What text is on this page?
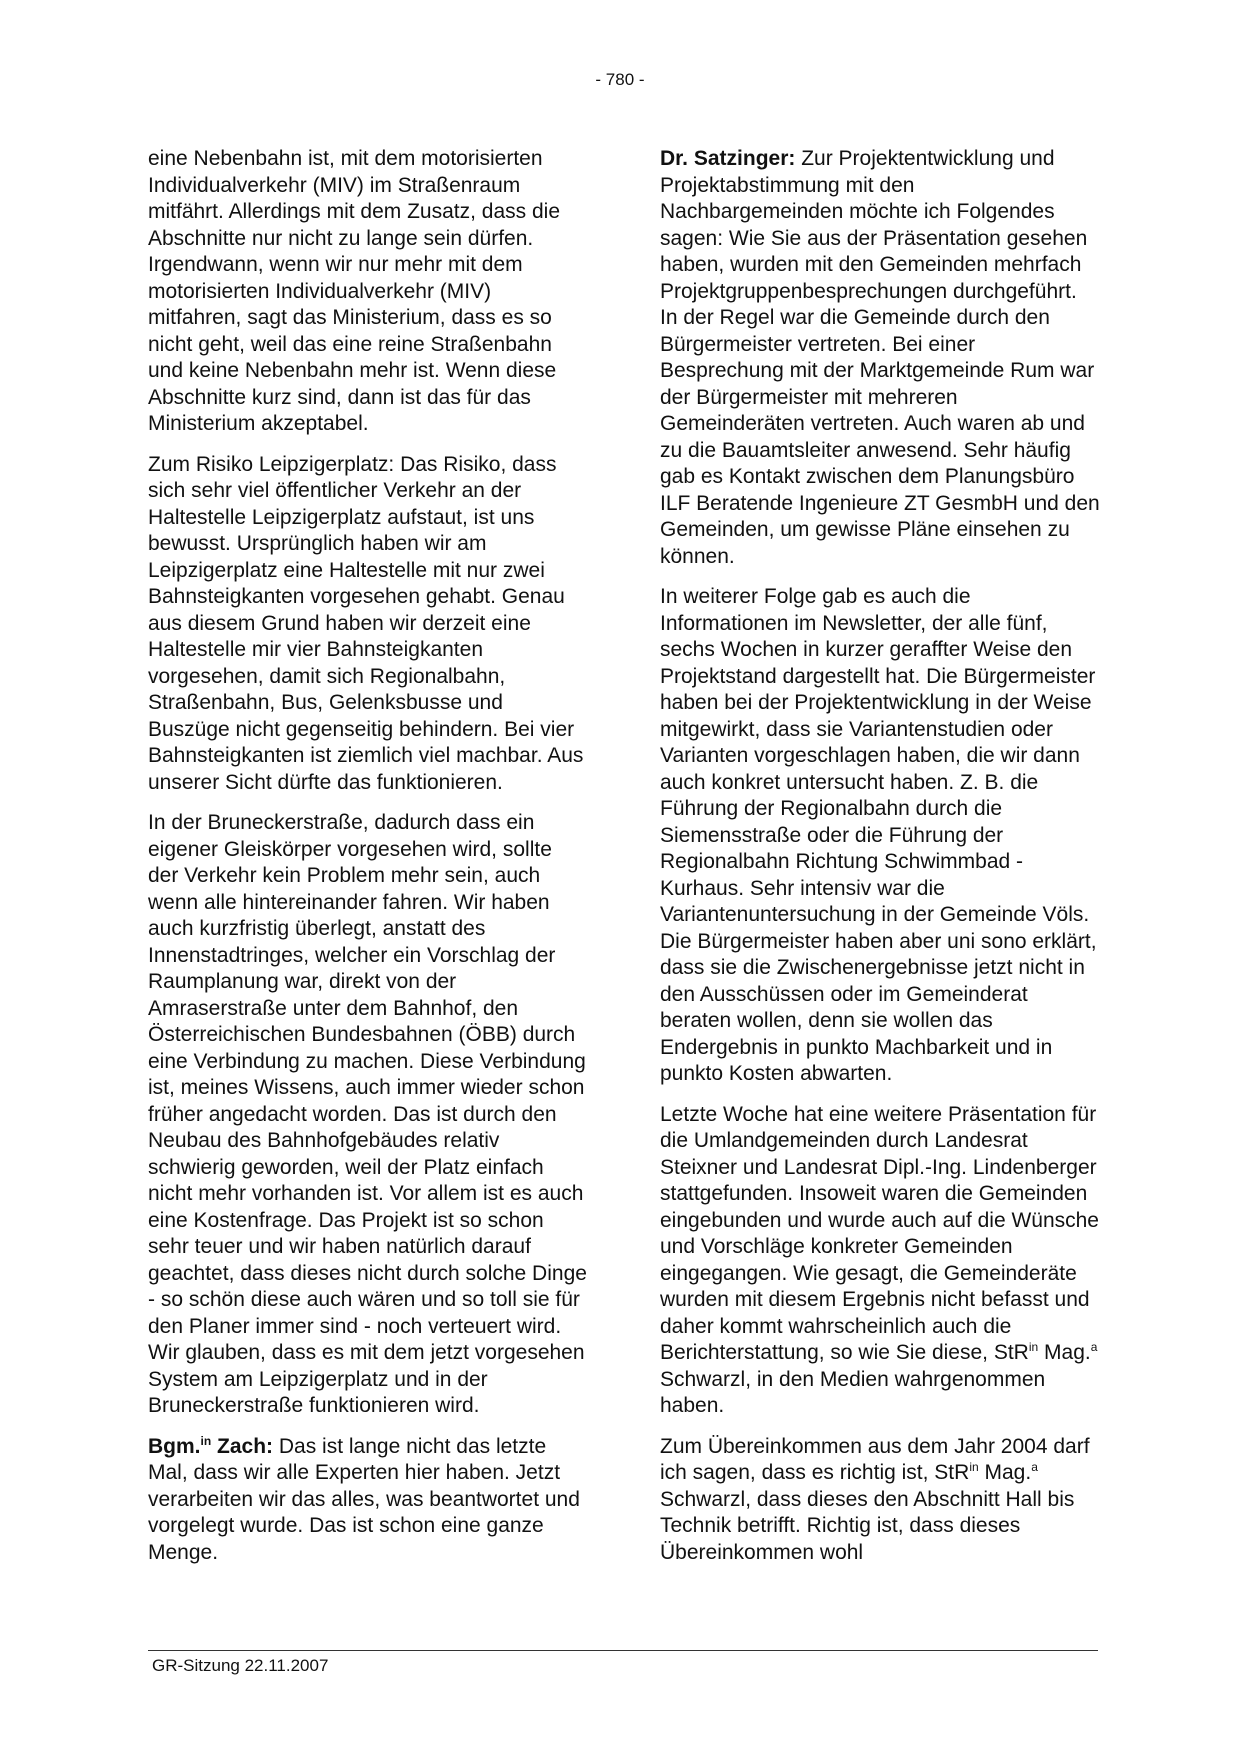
- 780 -

eine Nebenbahn ist, mit dem motorisierten Individualverkehr (MIV) im Straßenraum mitfährt. Allerdings mit dem Zusatz, dass die Abschnitte nur nicht zu lange sein dürfen. Irgendwann, wenn wir nur mehr mit dem motorisierten Individualverkehr (MIV) mitfahren, sagt das Ministerium, dass es so nicht geht, weil das eine reine Straßenbahn und keine Nebenbahn mehr ist. Wenn diese Abschnitte kurz sind, dann ist das für das Ministerium akzeptabel.

Zum Risiko Leipzigerplatz: Das Risiko, dass sich sehr viel öffentlicher Verkehr an der Haltestelle Leipzigerplatz aufstaut, ist uns bewusst. Ursprünglich haben wir am Leipzigerplatz eine Haltestelle mit nur zwei Bahnsteigkanten vorgesehen gehabt. Genau aus diesem Grund haben wir derzeit eine Haltestelle mir vier Bahnsteigkanten vorgesehen, damit sich Regionalbahn, Straßenbahn, Bus, Gelenksbusse und Buszüge nicht gegenseitig behindern. Bei vier Bahnsteigkanten ist ziemlich viel machbar. Aus unserer Sicht dürfte das funktionieren.

In der Bruneckerstraße, dadurch dass ein eigener Gleiskörper vorgesehen wird, sollte der Verkehr kein Problem mehr sein, auch wenn alle hintereinander fahren. Wir haben auch kurzfristig überlegt, anstatt des Innenstadtringes, welcher ein Vorschlag der Raumplanung war, direkt von der Amraserstraße unter dem Bahnhof, den Österreichischen Bundesbahnen (ÖBB) durch eine Verbindung zu machen. Diese Verbindung ist, meines Wissens, auch immer wieder schon früher angedacht worden. Das ist durch den Neubau des Bahnhofgebäudes relativ schwierig geworden, weil der Platz einfach nicht mehr vorhanden ist. Vor allem ist es auch eine Kostenfrage. Das Projekt ist so schon sehr teuer und wir haben natürlich darauf geachtet, dass dieses nicht durch solche Dinge - so schön diese auch wären und so toll sie für den Planer immer sind - noch verteuert wird. Wir glauben, dass es mit dem jetzt vorgesehen System am Leipzigerplatz und in der Bruneckerstraße funktionieren wird.

Bgm.$^{in}$ Zach: Das ist lange nicht das letzte Mal, dass wir alle Experten hier haben. Jetzt verarbeiten wir das alles, was beantwortet und vorgelegt wurde. Das ist schon eine ganze Menge.

Dr. Satzinger: Zur Projektentwicklung und Projektabstimmung mit den Nachbargemeinden möchte ich Folgendes sagen: Wie Sie aus der Präsentation gesehen haben, wurden mit den Gemeinden mehrfach Projektgruppenbesprechungen durchgeführt. In der Regel war die Gemeinde durch den Bürgermeister vertreten. Bei einer Besprechung mit der Marktgemeinde Rum war der Bürgermeister mit mehreren Gemeinderäten vertreten. Auch waren ab und zu die Bauamtsleiter anwesend. Sehr häufig gab es Kontakt zwischen dem Planungsbüro ILF Beratende Ingenieure ZT GesmbH und den Gemeinden, um gewisse Pläne einsehen zu können.

In weiterer Folge gab es auch die Informationen im Newsletter, der alle fünf, sechs Wochen in kurzer geraffter Weise den Projektstand dargestellt hat. Die Bürgermeister haben bei der Projektentwicklung in der Weise mitgewirkt, dass sie Variantenstudien oder Varianten vorgeschlagen haben, die wir dann auch konkret untersucht haben. Z. B. die Führung der Regionalbahn durch die Siemensstraße oder die Führung der Regionalbahn Richtung Schwimmbad - Kurhaus. Sehr intensiv war die Variantenuntersuchung in der Gemeinde Völs. Die Bürgermeister haben aber uni sono erklärt, dass sie die Zwischenergebnisse jetzt nicht in den Ausschüssen oder im Gemeinderat beraten wollen, denn sie wollen das Endergebnis in punkto Machbarkeit und in punkto Kosten abwarten.

Letzte Woche hat eine weitere Präsentation für die Umlandgemeinden durch Landesrat Steixner und Landesrat Dipl.-Ing. Lindenberger stattgefunden. Insoweit waren die Gemeinden eingebunden und wurde auch auf die Wünsche und Vorschläge konkreter Gemeinden eingegangen. Wie gesagt, die Gemeinderäte wurden mit diesem Ergebnis nicht befasst und daher kommt wahrscheinlich auch die Berichterstattung, so wie Sie diese, StR$^{in}$ Mag.$^a$ Schwarzl, in den Medien wahrgenommen haben.

Zum Übereinkommen aus dem Jahr 2004 darf ich sagen, dass es richtig ist, StR$^{in}$ Mag.$^a$ Schwarzl, dass dieses den Abschnitt Hall bis Technik betrifft. Richtig ist, dass dieses Übereinkommen wohl

GR-Sitzung 22.11.2007
